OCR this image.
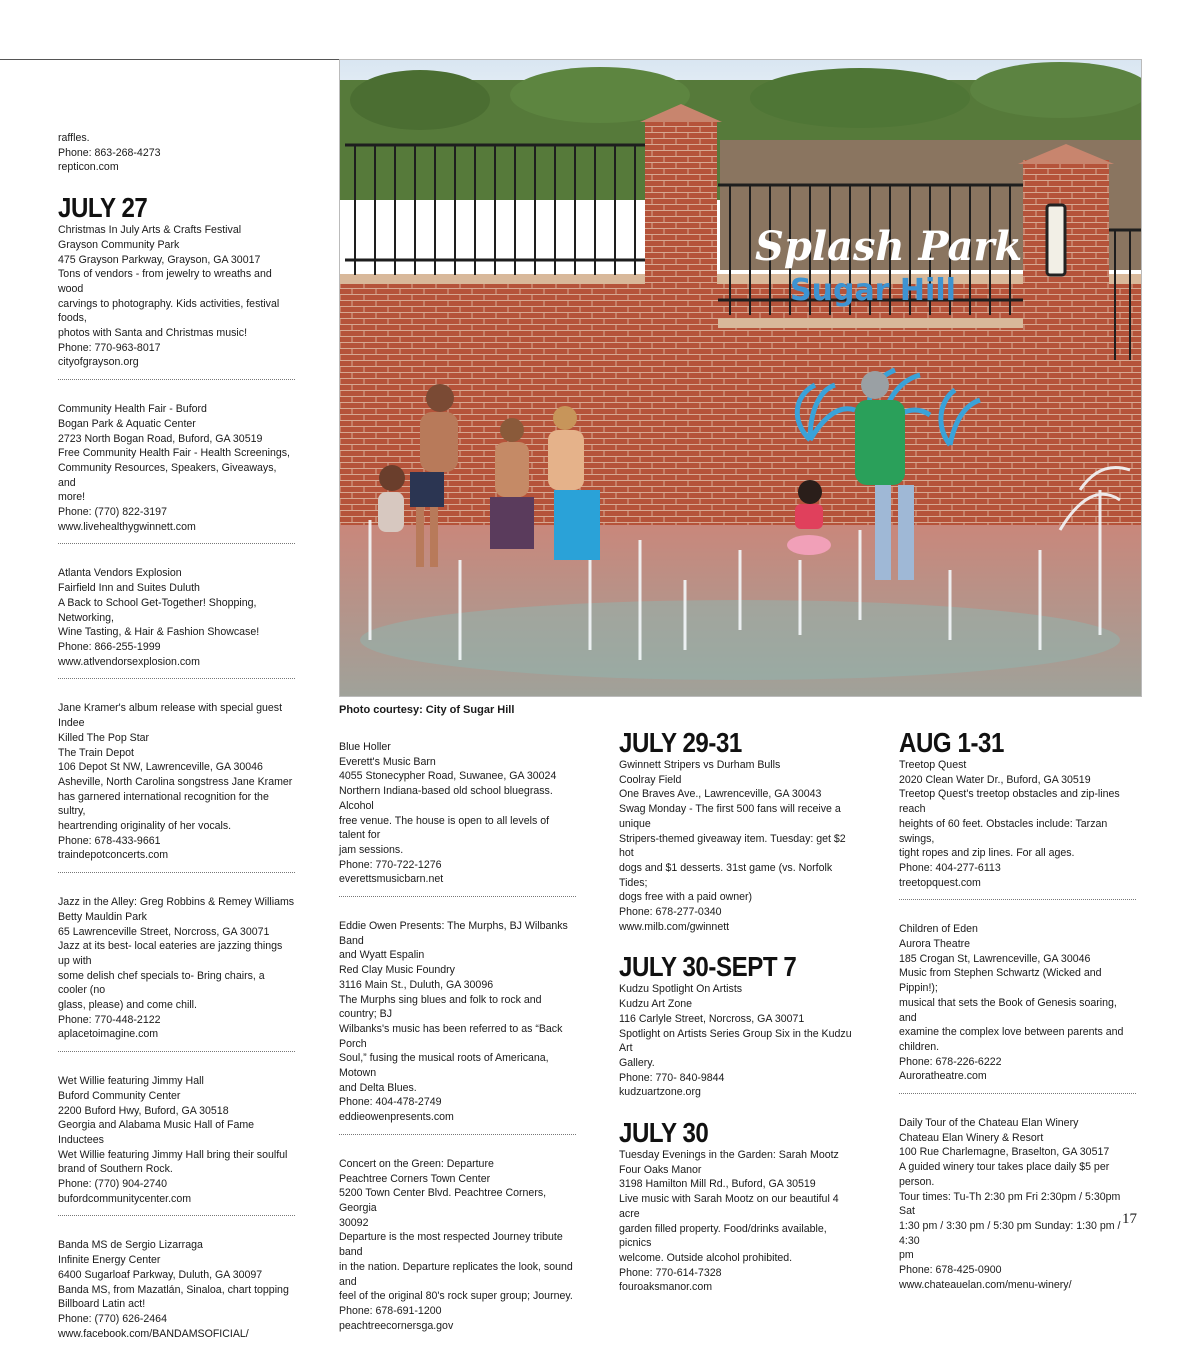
raffles.

Phone: 863-268-4273

repticon.com

JULY 27

Christmas In July Arts & Crafts Festival

Grayson Community Park

475 Grayson Parkway, Grayson, GA 30017

Tons of vendors - from jewelry to wreaths and wood

carvings to photography. Kids activities, festival foods,

photos with Santa and Christmas music!

Phone: 770-963-8017

cityofgrayson.org

Community Health Fair - Buford

Bogan Park & Aquatic Center

2723 North Bogan Road, Buford, GA 30519

Free Community Health Fair - Health Screenings,

Community Resources, Speakers, Giveaways, and

more!

Phone: (770) 822-3197

www.livehealthygwinnett.com

Atlanta Vendors Explosion

Fairfield Inn and Suites Duluth

A Back to School Get-Together! Shopping, Networking,

Wine Tasting, & Hair & Fashion Showcase!

Phone: 866-255-1999

www.atlvendorsexplosion.com

Jane Kramer's album release with special guest Indee

Killed The Pop Star

The Train Depot

106 Depot St NW, Lawrenceville, GA 30046

Asheville, North Carolina songstress Jane Kramer

has garnered international recognition for the sultry,

heartrending originality of her vocals.

Phone: 678-433-9661

traindepotconcerts.com

Jazz in the Alley: Greg Robbins & Remey Williams

Betty Mauldin Park

65 Lawrenceville Street, Norcross, GA 30071

Jazz at its best- local eateries are jazzing things up with

some delish chef specials to- Bring chairs, a cooler (no

glass, please) and come chill.

Phone: 770-448-2122

aplacetoimagine.com

Wet Willie featuring Jimmy Hall

Buford Community Center

2200 Buford Hwy, Buford, GA 30518

Georgia and Alabama Music Hall of Fame Inductees

Wet Willie featuring Jimmy Hall bring their soulful

brand of Southern Rock.

Phone: (770) 904-2740

bufordcommunitycenter.com

Banda MS de Sergio Lizarraga

Infinite Energy Center

6400 Sugarloaf Parkway, Duluth, GA 30097

Banda MS, from Mazatlán, Sinaloa, chart topping

Billboard Latin act!

Phone: (770) 626-2464

www.facebook.com/BANDAMSOFICIAL/

Splash Park
Sugar Hill
Photo courtesy: City of Sugar Hill

Blue Holler

Everett's Music Barn

4055 Stonecypher Road, Suwanee, GA 30024

Northern Indiana-based old school bluegrass. Alcohol

free venue. The house is open to all levels of talent for

jam sessions.

Phone: 770-722-1276

everettsmusicbarn.net

Eddie Owen Presents: The Murphs, BJ Wilbanks Band

and Wyatt Espalin

Red Clay Music Foundry

3116 Main St., Duluth, GA 30096

The Murphs sing blues and folk to rock and country; BJ

Wilbanks's music has been referred to as “Back Porch

Soul,” fusing the musical roots of Americana, Motown

and Delta Blues.

Phone: 404-478-2749

eddieowenpresents.com

Concert on the Green: Departure

Peachtree Corners Town Center

5200 Town Center Blvd. Peachtree Corners, Georgia

30092

Departure is the most respected Journey tribute band

in the nation. Departure replicates the look, sound and

feel of the original 80's rock super group; Journey.

Phone: 678-691-1200

peachtreecornersga.gov

JULY 29-31

Gwinnett Stripers vs Durham Bulls

Coolray Field

One Braves Ave., Lawrenceville, GA 30043

Swag Monday - The first 500 fans will receive a unique

Stripers-themed giveaway item. Tuesday: get $2 hot

dogs and $1 desserts. 31st game (vs. Norfolk Tides;

dogs free with a paid owner)

Phone: 678-277-0340

www.milb.com/gwinnett

JULY 30-SEPT 7

Kudzu Spotlight On Artists

Kudzu Art Zone

116 Carlyle Street, Norcross, GA 30071

Spotlight on Artists Series Group Six in the Kudzu Art

Gallery.

Phone: 770- 840-9844

kudzuartzone.org

JULY 30

Tuesday Evenings in the Garden: Sarah Mootz

Four Oaks Manor

3198 Hamilton Mill Rd., Buford, GA 30519

Live music with Sarah Mootz on our beautiful 4 acre

garden filled property. Food/drinks available, picnics

welcome. Outside alcohol prohibited.

Phone: 770-614-7328

fouroaksmanor.com

AUG 1-31

Treetop Quest

2020 Clean Water Dr., Buford, GA 30519

Treetop Quest's treetop obstacles and zip-lines reach

heights of 60 feet. Obstacles include: Tarzan swings,

tight ropes and zip lines. For all ages.

Phone: 404-277-6113

treetopquest.com

Children of Eden

Aurora Theatre

185 Crogan St, Lawrenceville, GA 30046

Music from Stephen Schwartz (Wicked and Pippin!);

musical that sets the Book of Genesis soaring, and

examine the complex love between parents and

children.

Phone: 678-226-6222

Auroratheatre.com

Daily Tour of the Chateau Elan Winery

Chateau Elan Winery & Resort

100 Rue Charlemagne, Braselton, GA 30517

A guided winery tour takes place daily $5 per person.

Tour times: Tu-Th 2:30 pm Fri 2:30pm / 5:30pm Sat

1:30 pm / 3:30 pm / 5:30 pm Sunday: 1:30 pm / 4:30

pm

Phone: 678-425-0900

www.chateauelan.com/menu-winery/

17
